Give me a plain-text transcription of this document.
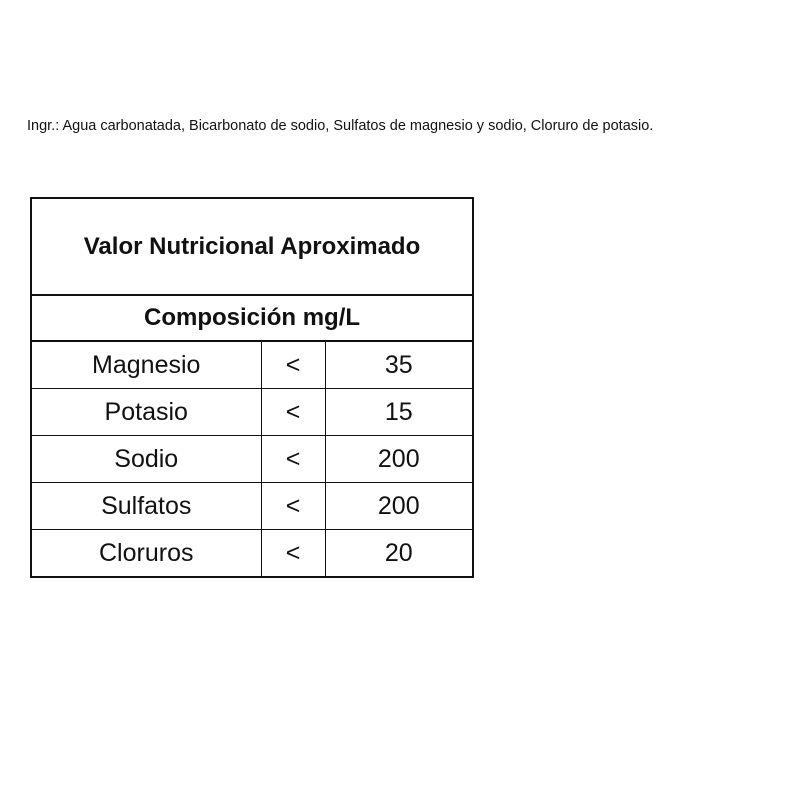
Ingr.: Agua carbonatada, Bicarbonato de sodio, Sulfatos de magnesio y sodio, Cloruro de potasio.
Valor Nutricional Aproximado		
Composición mg/L		
Magnesio	<	35
Potasio	<	15
Sodio	<	200
Sulfatos	<	200
Cloruros	<	20
